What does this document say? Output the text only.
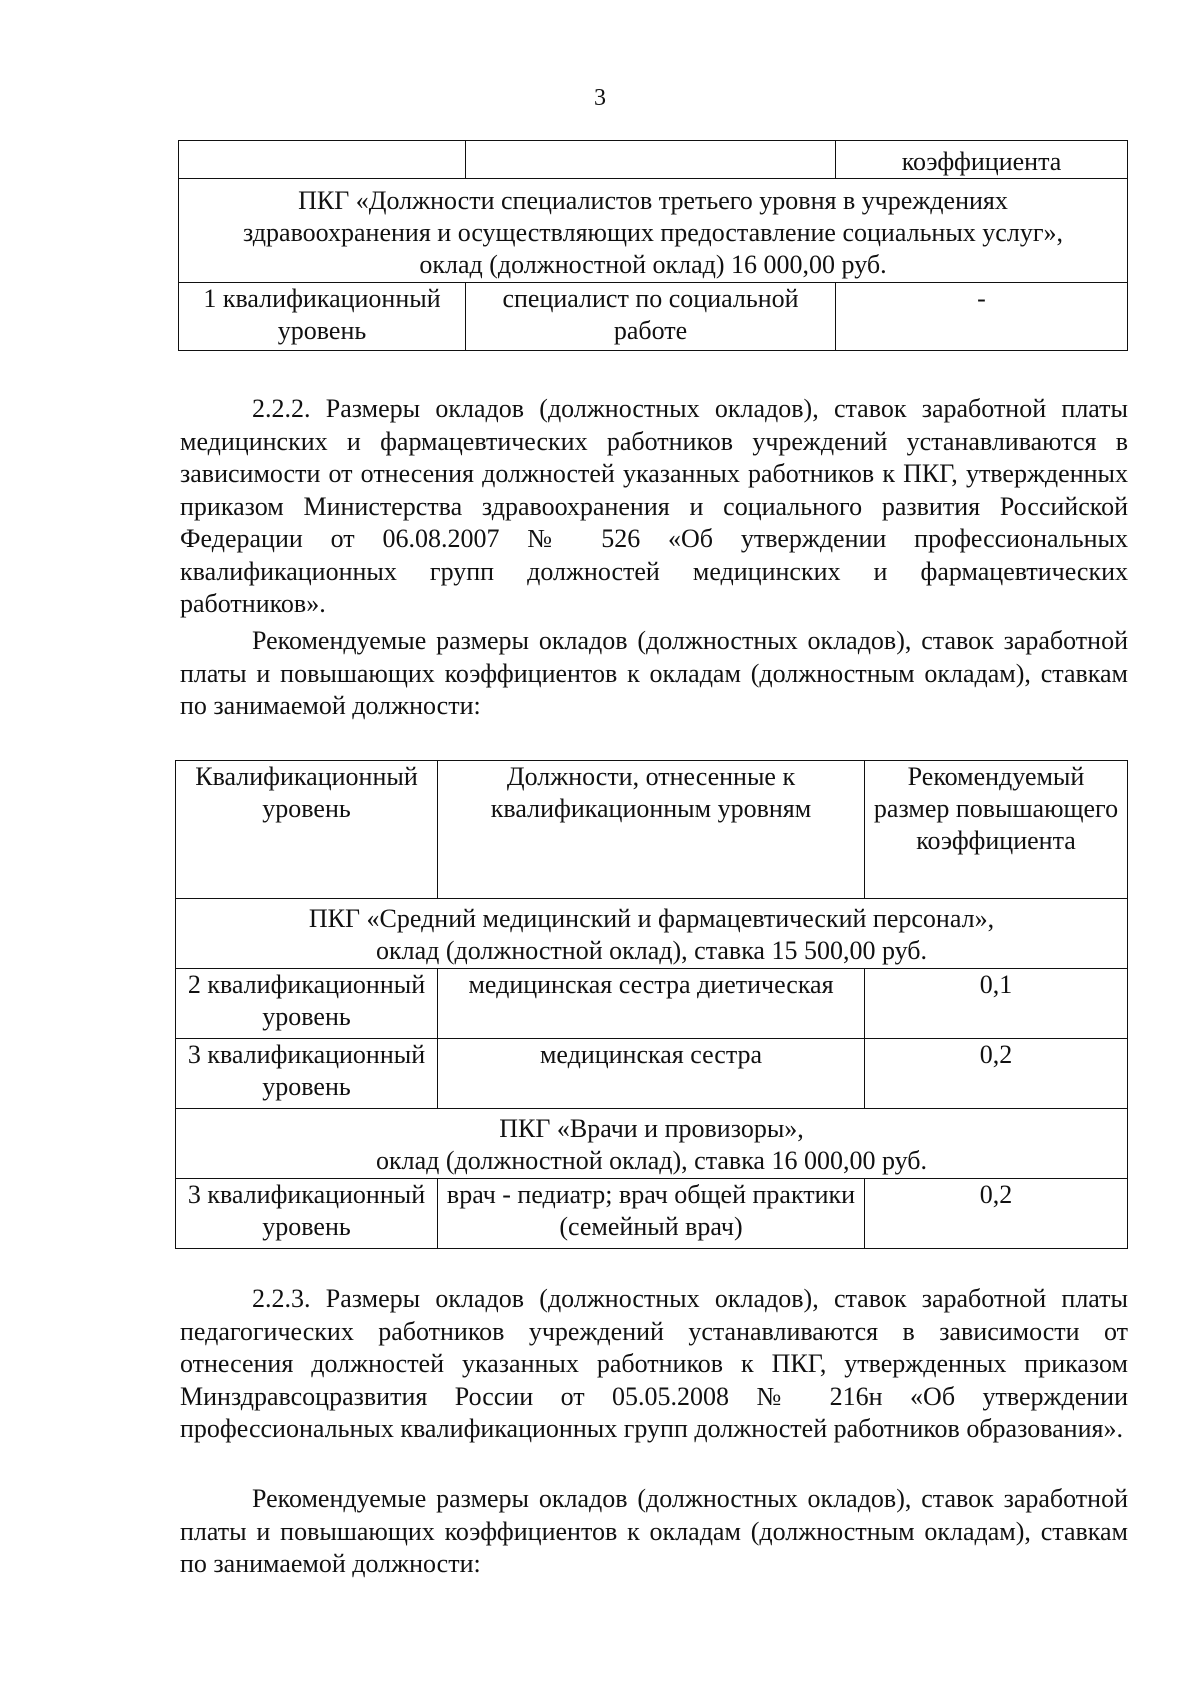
3
		коэффициента

ПКГ «Должности специалистов третьего уровня в учреждениях
здравоохранения и осуществляющих предоставление социальных услуг»,
оклад (должностной оклад) 16 000,00 руб.		

1 квалификационный уровень	специалист по социальной работе	-

2.2.2. Размеры окладов (должностных окладов), ставок заработной платы медицинских и фармацевтических работников учреждений устанавливаются в зависимости от отнесения должностей указанных работников к ПКГ, утвержденных приказом Министерства здравоохранения и социального развития Российской Федерации от 06.08.2007 № 526 «Об утверждении профессиональных квалификационных групп должностей медицинских и фармацевтических работников».

Рекомендуемые размеры окладов (должностных окладов), ставок заработной платы и повышающих коэффициентов к окладам (должностным окладам), ставкам по занимаемой должности:

Квалификационный уровень	Должности, отнесенные к квалификационным уровням	Рекомендуемый размер повышающего коэффициента

ПКГ «Средний медицинский и фармацевтический персонал»,
оклад (должностной оклад), ставка 15 500,00 руб.		

2 квалификационный уровень	медицинская сестра диетическая	0,1
3 квалификационный уровень	медицинская сестра	0,2

ПКГ «Врачи и провизоры»,
оклад (должностной оклад), ставка 16 000,00 руб.		

3 квалификационный уровень	врач - педиатр; врач общей практики (семейный врач)	0,2

2.2.3. Размеры окладов (должностных окладов), ставок заработной платы педагогических работников учреждений устанавливаются в зависимости от отнесения должностей указанных работников к ПКГ, утвержденных приказом Минздравсоцразвития России от 05.05.2008 № 216н «Об утверждении профессиональных квалификационных групп должностей работников образования».

Рекомендуемые размеры окладов (должностных окладов), ставок заработной платы и повышающих коэффициентов к окладам (должностным окладам), ставкам по занимаемой должности:
